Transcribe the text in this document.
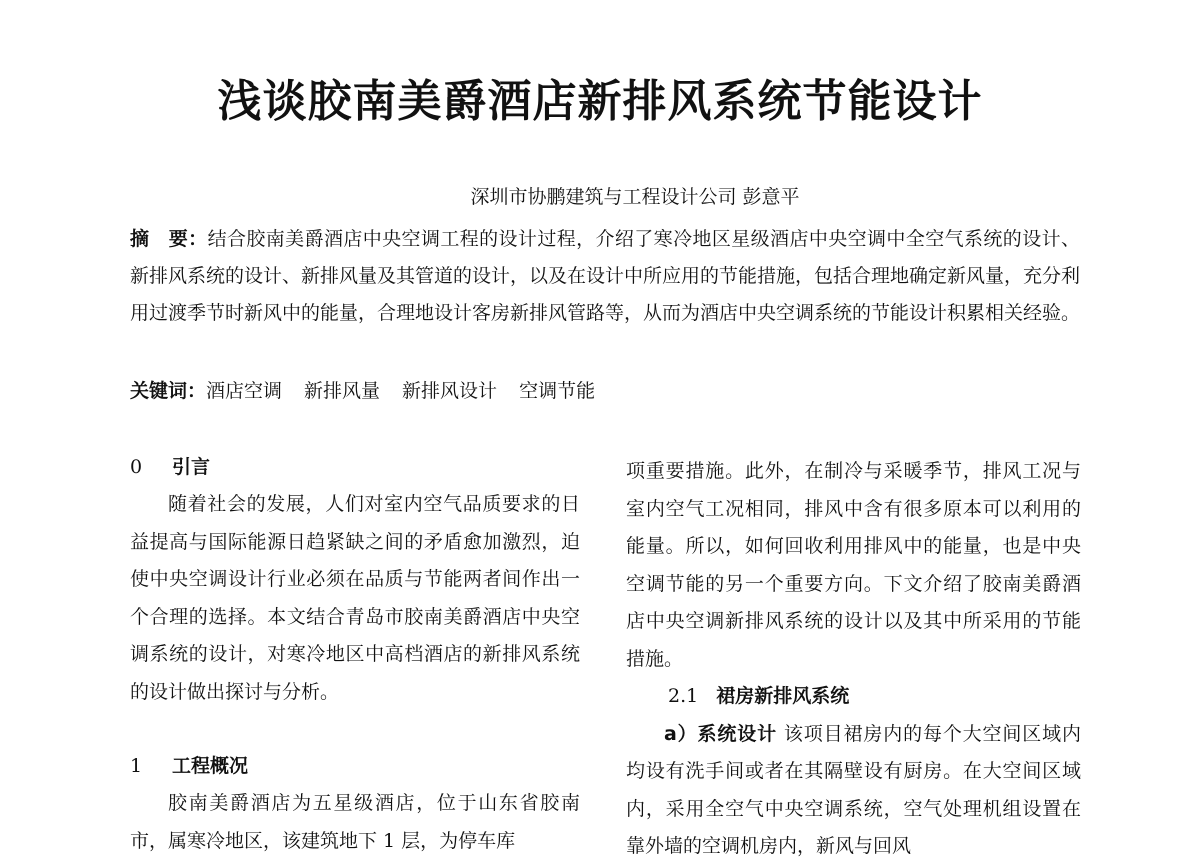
浅谈胶南美爵酒店新排风系统节能设计
深圳市协鹏建筑与工程设计公司 彭意平
摘　要：结合胶南美爵酒店中央空调工程的设计过程，介绍了寒冷地区星级酒店中央空调中全空气系统的设计、新排风系统的设计、新排风量及其管道的设计，以及在设计中所应用的节能措施，包括合理地确定新风量，充分利用过渡季节时新风中的能量，合理地设计客房新排风管路等，从而为酒店中央空调系统的节能设计积累相关经验。
关键词：酒店空调 新排风量 新排风设计 空调节能
0 引言
随着社会的发展，人们对室内空气品质要求的日益提高与国际能源日趋紧缺之间的矛盾愈加激烈，迫使中央空调设计行业必须在品质与节能两者间作出一个合理的选择。本文结合青岛市胶南美爵酒店中央空调系统的设计，对寒冷地区中高档酒店的新排风系统的设计做出探讨与分析。
1 工程概况
胶南美爵酒店为五星级酒店，位于山东省胶南市，属寒冷地区，该建筑地下 1 层，为停车库
项重要措施。此外，在制冷与采暖季节，排风工况与室内空气工况相同，排风中含有很多原本可以利用的能量。所以，如何回收利用排风中的能量，也是中央空调节能的另一个重要方向。下文介绍了胶南美爵酒店中央空调新排风系统的设计以及其中所采用的节能措施。
2.1 裙房新排风系统
a）系统设计 该项目裙房内的每个大空间区域内均设有洗手间或者在其隔壁设有厨房。在大空间区域内，采用全空气中央空调系统，空气处理机组设置在靠外墙的空调机房内，新风与回风
